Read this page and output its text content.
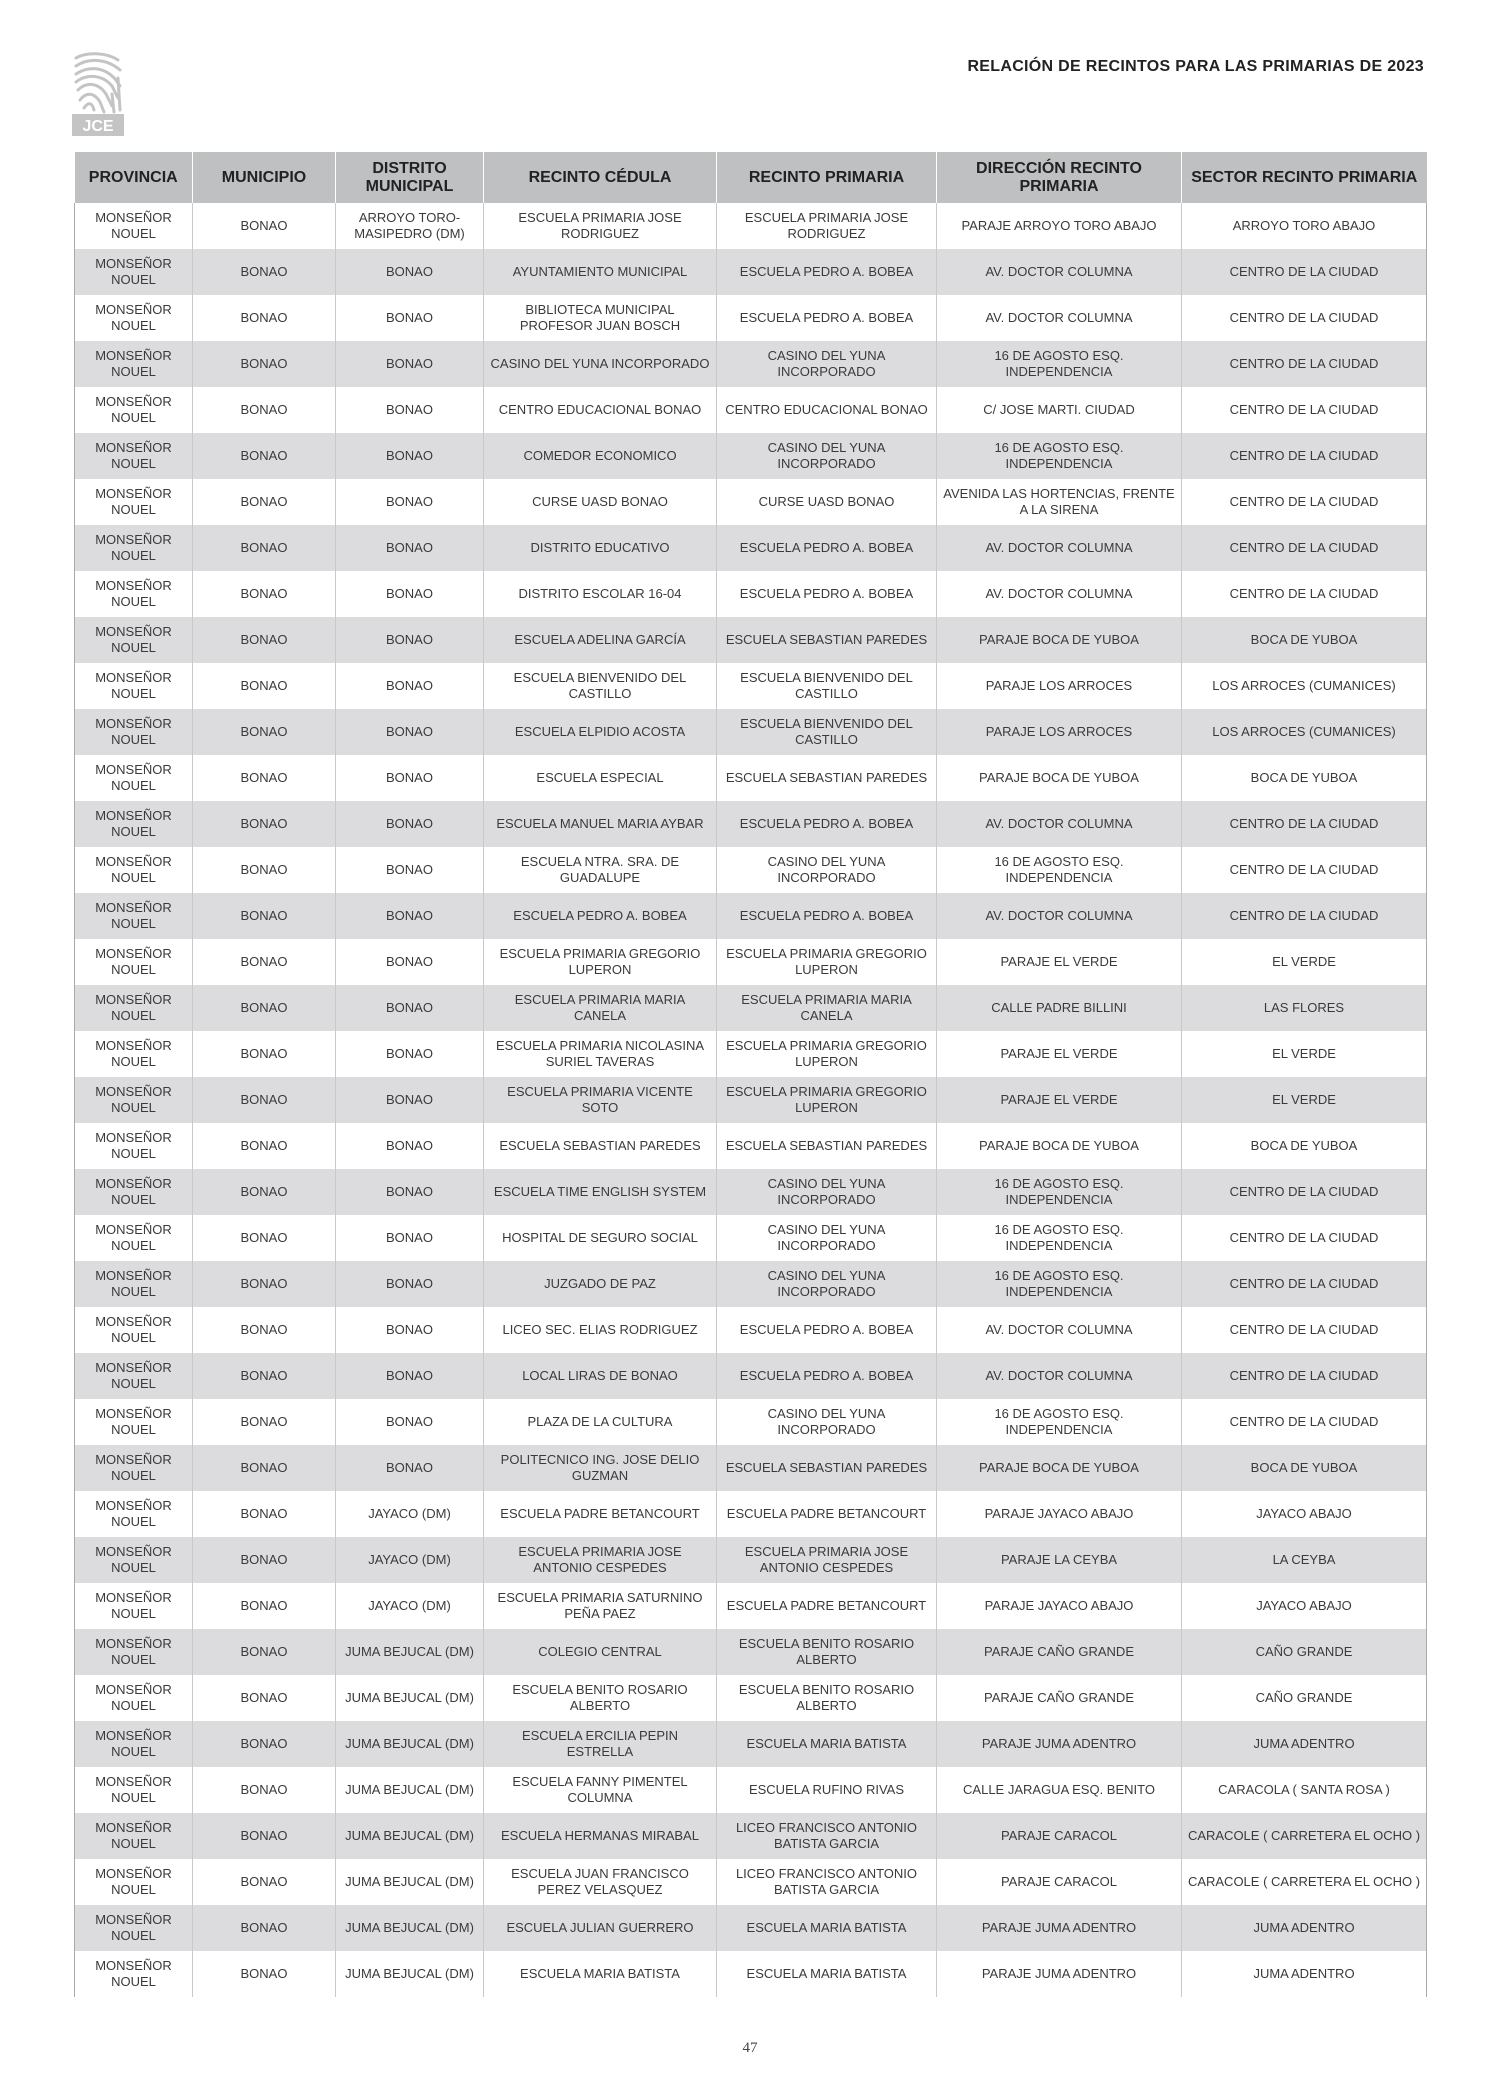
JCE
RELACIÓN DE RECINTOS PARA LAS PRIMARIAS DE 2023
PROVINCIA	MUNICIPIO	DISTRITO MUNICIPAL	RECINTO CÉDULA	RECINTO PRIMARIA	DIRECCIÓN RECINTO PRIMARIA	SECTOR RECINTO PRIMARIA
MONSEÑOR NOUEL	BONAO	ARROYO TORO-MASIPEDRO (DM)	ESCUELA PRIMARIA JOSE RODRIGUEZ	ESCUELA PRIMARIA JOSE RODRIGUEZ	PARAJE ARROYO TORO ABAJO	ARROYO TORO ABAJO
MONSEÑOR NOUEL	BONAO	BONAO	AYUNTAMIENTO MUNICIPAL	ESCUELA PEDRO A. BOBEA	AV. DOCTOR COLUMNA	CENTRO DE LA CIUDAD
MONSEÑOR NOUEL	BONAO	BONAO	BIBLIOTECA MUNICIPAL PROFESOR JUAN BOSCH	ESCUELA PEDRO A. BOBEA	AV. DOCTOR COLUMNA	CENTRO DE LA CIUDAD
MONSEÑOR NOUEL	BONAO	BONAO	CASINO DEL YUNA INCORPORADO	CASINO DEL YUNA INCORPORADO	16 DE AGOSTO ESQ. INDEPENDENCIA	CENTRO DE LA CIUDAD
MONSEÑOR NOUEL	BONAO	BONAO	CENTRO EDUCACIONAL BONAO	CENTRO EDUCACIONAL BONAO	C/ JOSE MARTI. CIUDAD	CENTRO DE LA CIUDAD
MONSEÑOR NOUEL	BONAO	BONAO	COMEDOR ECONOMICO	CASINO DEL YUNA INCORPORADO	16 DE AGOSTO ESQ. INDEPENDENCIA	CENTRO DE LA CIUDAD
MONSEÑOR NOUEL	BONAO	BONAO	CURSE UASD BONAO	CURSE UASD BONAO	AVENIDA LAS HORTENCIAS, FRENTE A LA SIRENA	CENTRO DE LA CIUDAD
MONSEÑOR NOUEL	BONAO	BONAO	DISTRITO EDUCATIVO	ESCUELA PEDRO A. BOBEA	AV. DOCTOR COLUMNA	CENTRO DE LA CIUDAD
MONSEÑOR NOUEL	BONAO	BONAO	DISTRITO ESCOLAR 16-04	ESCUELA PEDRO A. BOBEA	AV. DOCTOR COLUMNA	CENTRO DE LA CIUDAD
MONSEÑOR NOUEL	BONAO	BONAO	ESCUELA ADELINA GARCÍA	ESCUELA SEBASTIAN PAREDES	PARAJE BOCA DE YUBOA	BOCA DE YUBOA
MONSEÑOR NOUEL	BONAO	BONAO	ESCUELA BIENVENIDO DEL CASTILLO	ESCUELA BIENVENIDO DEL CASTILLO	PARAJE LOS ARROCES	LOS ARROCES (CUMANICES)
MONSEÑOR NOUEL	BONAO	BONAO	ESCUELA ELPIDIO ACOSTA	ESCUELA BIENVENIDO DEL CASTILLO	PARAJE LOS ARROCES	LOS ARROCES (CUMANICES)
MONSEÑOR NOUEL	BONAO	BONAO	ESCUELA ESPECIAL	ESCUELA SEBASTIAN PAREDES	PARAJE BOCA DE YUBOA	BOCA DE YUBOA
MONSEÑOR NOUEL	BONAO	BONAO	ESCUELA MANUEL MARIA AYBAR	ESCUELA PEDRO A. BOBEA	AV. DOCTOR COLUMNA	CENTRO DE LA CIUDAD
MONSEÑOR NOUEL	BONAO	BONAO	ESCUELA NTRA. SRA. DE GUADALUPE	CASINO DEL YUNA INCORPORADO	16 DE AGOSTO ESQ. INDEPENDENCIA	CENTRO DE LA CIUDAD
MONSEÑOR NOUEL	BONAO	BONAO	ESCUELA PEDRO A. BOBEA	ESCUELA PEDRO A. BOBEA	AV. DOCTOR COLUMNA	CENTRO DE LA CIUDAD
MONSEÑOR NOUEL	BONAO	BONAO	ESCUELA PRIMARIA GREGORIO LUPERON	ESCUELA PRIMARIA GREGORIO LUPERON	PARAJE EL VERDE	EL VERDE
MONSEÑOR NOUEL	BONAO	BONAO	ESCUELA PRIMARIA MARIA CANELA	ESCUELA PRIMARIA MARIA CANELA	CALLE PADRE BILLINI	LAS FLORES
MONSEÑOR NOUEL	BONAO	BONAO	ESCUELA PRIMARIA NICOLASINA SURIEL TAVERAS	ESCUELA PRIMARIA GREGORIO LUPERON	PARAJE EL VERDE	EL VERDE
MONSEÑOR NOUEL	BONAO	BONAO	ESCUELA PRIMARIA VICENTE SOTO	ESCUELA PRIMARIA GREGORIO LUPERON	PARAJE EL VERDE	EL VERDE
MONSEÑOR NOUEL	BONAO	BONAO	ESCUELA SEBASTIAN PAREDES	ESCUELA SEBASTIAN PAREDES	PARAJE BOCA DE YUBOA	BOCA DE YUBOA
MONSEÑOR NOUEL	BONAO	BONAO	ESCUELA TIME ENGLISH SYSTEM	CASINO DEL YUNA INCORPORADO	16 DE AGOSTO ESQ. INDEPENDENCIA	CENTRO DE LA CIUDAD
MONSEÑOR NOUEL	BONAO	BONAO	HOSPITAL DE SEGURO SOCIAL	CASINO DEL YUNA INCORPORADO	16 DE AGOSTO ESQ. INDEPENDENCIA	CENTRO DE LA CIUDAD
MONSEÑOR NOUEL	BONAO	BONAO	JUZGADO DE PAZ	CASINO DEL YUNA INCORPORADO	16 DE AGOSTO ESQ. INDEPENDENCIA	CENTRO DE LA CIUDAD
MONSEÑOR NOUEL	BONAO	BONAO	LICEO SEC. ELIAS RODRIGUEZ	ESCUELA PEDRO A. BOBEA	AV. DOCTOR COLUMNA	CENTRO DE LA CIUDAD
MONSEÑOR NOUEL	BONAO	BONAO	LOCAL LIRAS DE BONAO	ESCUELA PEDRO A. BOBEA	AV. DOCTOR COLUMNA	CENTRO DE LA CIUDAD
MONSEÑOR NOUEL	BONAO	BONAO	PLAZA DE LA CULTURA	CASINO DEL YUNA INCORPORADO	16 DE AGOSTO ESQ. INDEPENDENCIA	CENTRO DE LA CIUDAD
MONSEÑOR NOUEL	BONAO	BONAO	POLITECNICO ING. JOSE DELIO GUZMAN	ESCUELA SEBASTIAN PAREDES	PARAJE BOCA DE YUBOA	BOCA DE YUBOA
MONSEÑOR NOUEL	BONAO	JAYACO (DM)	ESCUELA PADRE BETANCOURT	ESCUELA PADRE BETANCOURT	PARAJE JAYACO ABAJO	JAYACO ABAJO
MONSEÑOR NOUEL	BONAO	JAYACO (DM)	ESCUELA PRIMARIA JOSE ANTONIO CESPEDES	ESCUELA PRIMARIA JOSE ANTONIO CESPEDES	PARAJE LA CEYBA	LA CEYBA
MONSEÑOR NOUEL	BONAO	JAYACO (DM)	ESCUELA PRIMARIA SATURNINO PEÑA PAEZ	ESCUELA PADRE BETANCOURT	PARAJE JAYACO ABAJO	JAYACO ABAJO
MONSEÑOR NOUEL	BONAO	JUMA BEJUCAL (DM)	COLEGIO CENTRAL	ESCUELA BENITO ROSARIO ALBERTO	PARAJE CAÑO GRANDE	CAÑO GRANDE
MONSEÑOR NOUEL	BONAO	JUMA BEJUCAL (DM)	ESCUELA BENITO ROSARIO ALBERTO	ESCUELA BENITO ROSARIO ALBERTO	PARAJE CAÑO GRANDE	CAÑO GRANDE
MONSEÑOR NOUEL	BONAO	JUMA BEJUCAL (DM)	ESCUELA ERCILIA PEPIN ESTRELLA	ESCUELA MARIA BATISTA	PARAJE JUMA ADENTRO	JUMA ADENTRO
MONSEÑOR NOUEL	BONAO	JUMA BEJUCAL (DM)	ESCUELA FANNY PIMENTEL COLUMNA	ESCUELA RUFINO RIVAS	CALLE JARAGUA ESQ. BENITO	CARACOLA ( SANTA ROSA )
MONSEÑOR NOUEL	BONAO	JUMA BEJUCAL (DM)	ESCUELA HERMANAS MIRABAL	LICEO FRANCISCO ANTONIO BATISTA GARCIA	PARAJE CARACOL	CARACOLE ( CARRETERA EL OCHO )
MONSEÑOR NOUEL	BONAO	JUMA BEJUCAL (DM)	ESCUELA JUAN FRANCISCO PEREZ VELASQUEZ	LICEO FRANCISCO ANTONIO BATISTA GARCIA	PARAJE CARACOL	CARACOLE ( CARRETERA EL OCHO )
MONSEÑOR NOUEL	BONAO	JUMA BEJUCAL (DM)	ESCUELA JULIAN GUERRERO	ESCUELA MARIA BATISTA	PARAJE JUMA ADENTRO	JUMA ADENTRO
MONSEÑOR NOUEL	BONAO	JUMA BEJUCAL (DM)	ESCUELA MARIA BATISTA	ESCUELA MARIA BATISTA	PARAJE JUMA ADENTRO	JUMA ADENTRO
47
